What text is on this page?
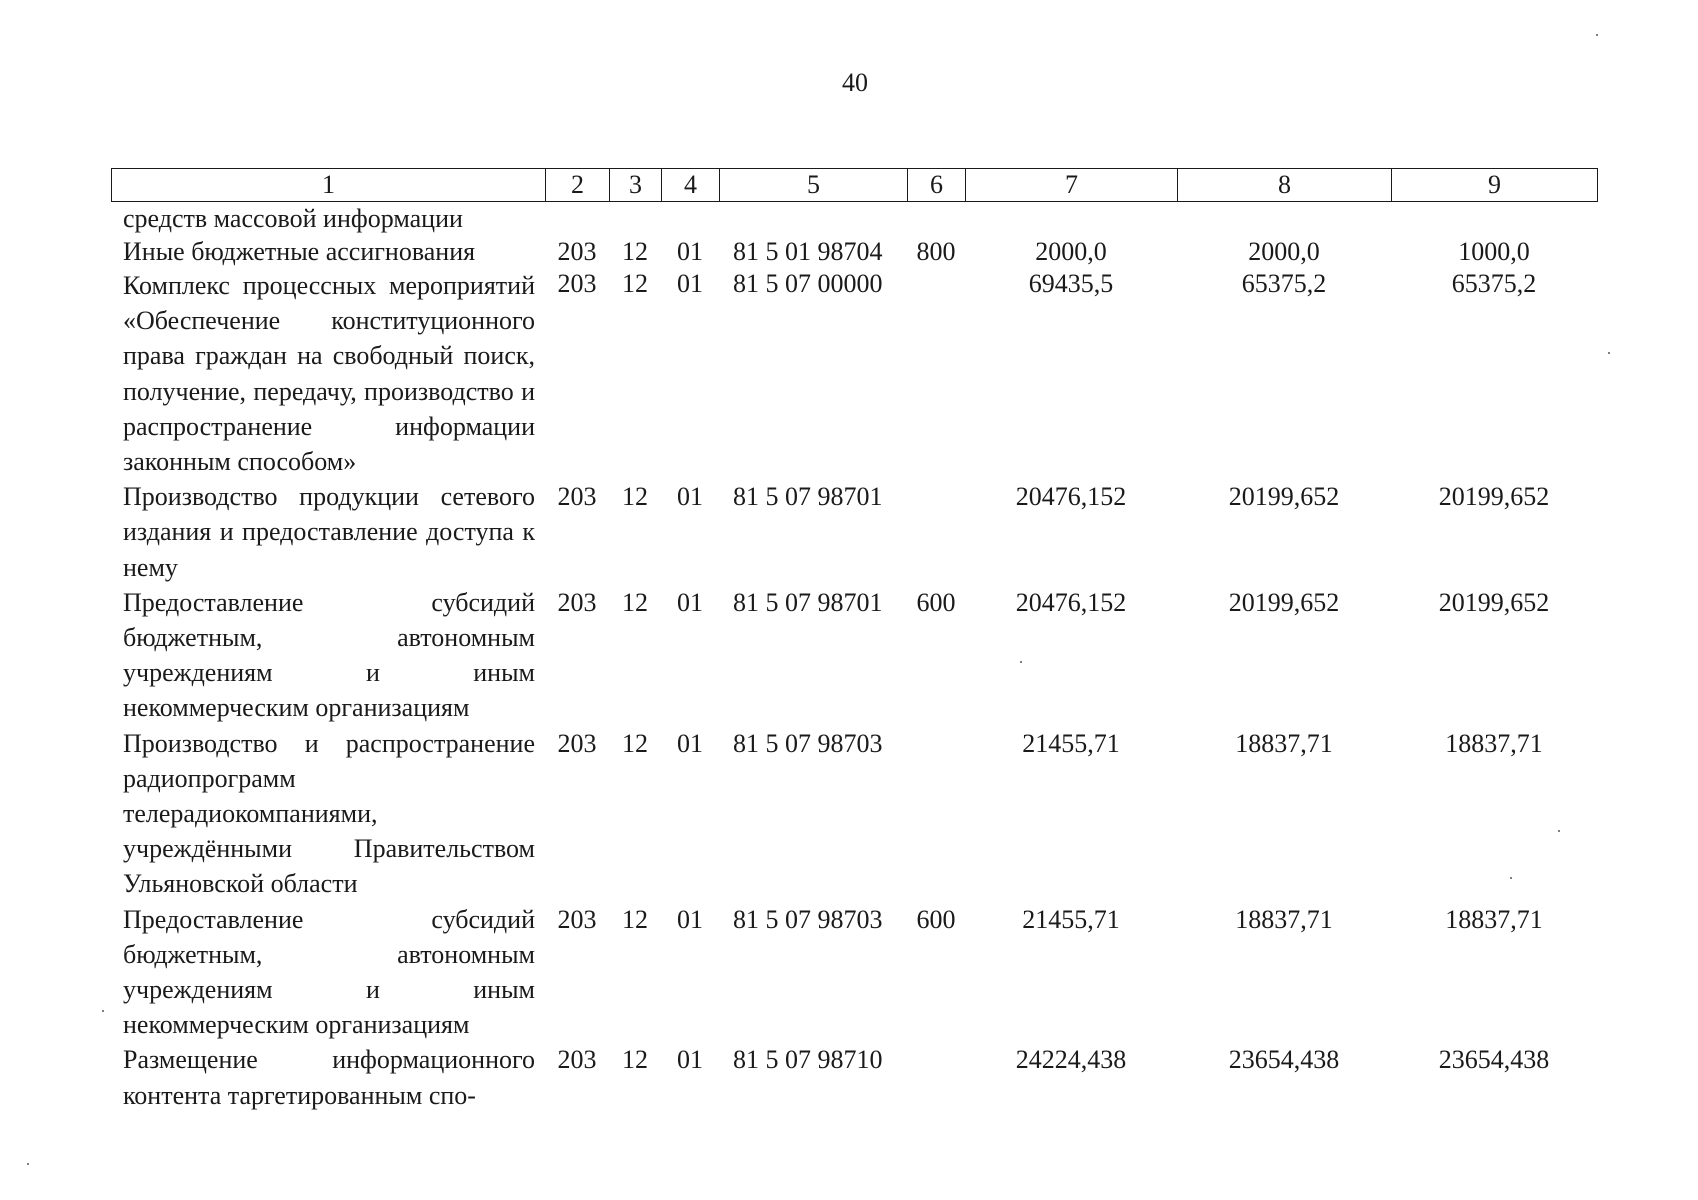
40
1	2	3	4	5	6	7	8	9
средств массовой информации								
Иные бюджетные ассигнования	203	12	01	81 5 01 98704	800	2000,0	2000,0	1000,0
Комплекс процессных мероприятий «Обеспечение конституционного права граждан на свободный поиск, получение, передачу, производство и распространение информации законным способом»	203	12	01	81 5 07 00000		69435,5	65375,2	65375,2
Производство продукции сетевого издания и предоставление доступа к нему	203	12	01	81 5 07 98701		20476,152	20199,652	20199,652
Предоставление субсидий бюджетным, автономным учреждениям и иным некоммерческим организациям	203	12	01	81 5 07 98701	600	20476,152	20199,652	20199,652
Производство и распространение радиопрограмм телерадиокомпаниями, учреждёнными Правительством Ульяновской области	203	12	01	81 5 07 98703		21455,71	18837,71	18837,71
Предоставление субсидий бюджетным, автономным учреждениям и иным некоммерческим организациям	203	12	01	81 5 07 98703	600	21455,71	18837,71	18837,71
Размещение информационного контента таргетированным спо-	203	12	01	81 5 07 98710		24224,438	23654,438	23654,438
